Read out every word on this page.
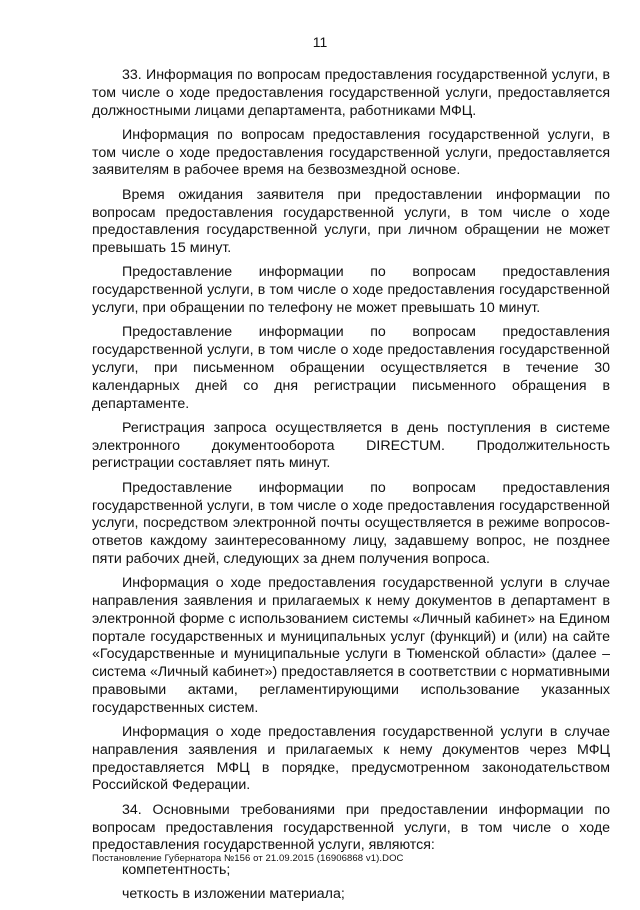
11

33. Информация по вопросам предоставления государственной услуги, в том числе о ходе предоставления государственной услуги, предоставляется должностными лицами департамента, работниками МФЦ.

Информация по вопросам предоставления государственной услуги, в том числе о ходе предоставления государственной услуги, предоставляется заявителям в рабочее время на безвозмездной основе.

Время ожидания заявителя при предоставлении информации по вопросам предоставления государственной услуги, в том числе о ходе предоставления государственной услуги, при личном обращении не может превышать 15 минут.

Предоставление информации по вопросам предоставления государственной услуги, в том числе о ходе предоставления государственной услуги, при обращении по телефону не может превышать 10 минут.

Предоставление информации по вопросам предоставления государственной услуги, в том числе о ходе предоставления государственной услуги, при письменном обращении осуществляется в течение 30 календарных дней со дня регистрации письменного обращения в департаменте.

Регистрация запроса осуществляется в день поступления в системе электронного документооборота DIRECTUM. Продолжительность регистрации составляет пять минут.

Предоставление информации по вопросам предоставления государственной услуги, в том числе о ходе предоставления государственной услуги, посредством электронной почты осуществляется в режиме вопросов-ответов каждому заинтересованному лицу, задавшему вопрос, не позднее пяти рабочих дней, следующих за днем получения вопроса.

Информация о ходе предоставления государственной услуги в случае направления заявления и прилагаемых к нему документов в департамент в электронной форме с использованием системы «Личный кабинет» на Едином портале государственных и муниципальных услуг (функций) и (или) на сайте «Государственные и муниципальные услуги в Тюменской области» (далее – система «Личный кабинет») предоставляется в соответствии с нормативными правовыми актами, регламентирующими использование указанных государственных систем.

Информация о ходе предоставления государственной услуги в случае направления заявления и прилагаемых к нему документов через МФЦ предоставляется МФЦ в порядке, предусмотренном законодательством Российской Федерации.

34. Основными требованиями при предоставлении информации по вопросам предоставления государственной услуги, в том числе о ходе предоставления государственной услуги, являются:

компетентность;

четкость в изложении материала;

Постановление Губернатора №156 от 21.09.2015 (16906868 v1).DOC
